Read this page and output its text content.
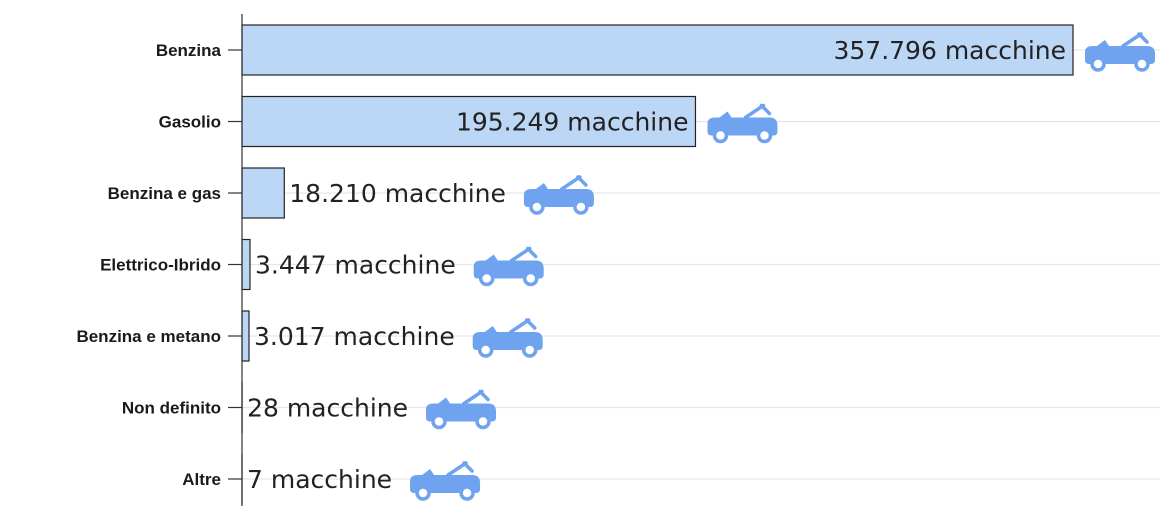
Benzina
Gasolio
Benzina e gas
Elettrico-Ibrido
Benzina e metano
Non definito
Altre
357.796 macchine
195.249 macchine
18.210 macchine
3.447 macchine
3.017 macchine
28 macchine
7 macchine
